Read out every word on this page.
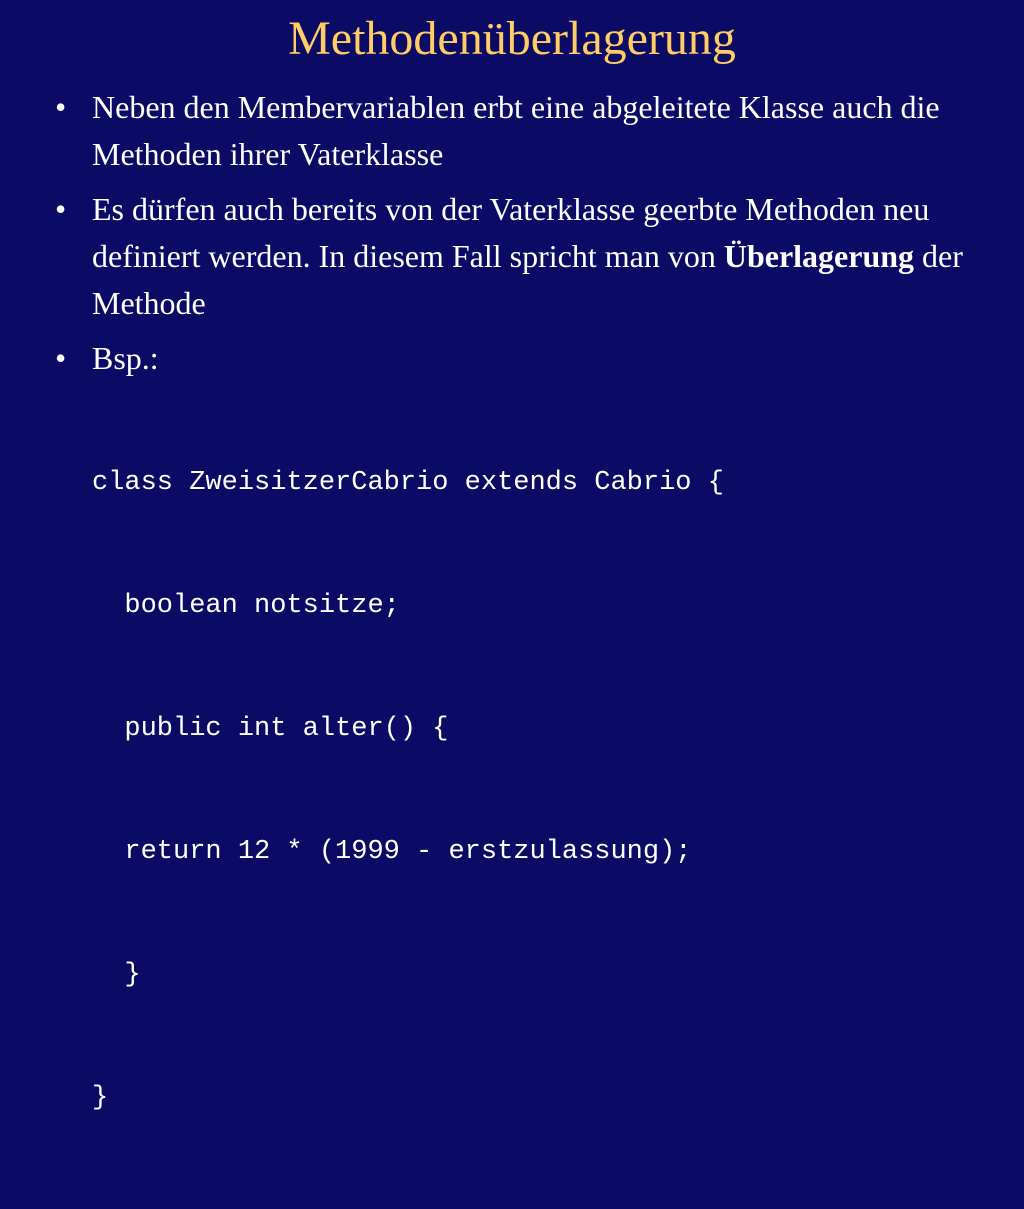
Methodenüberlagerung
• Neben den Membervariablen erbt eine abgeleitete Klasse auch die Methoden ihrer Vaterklasse
• Es dürfen auch bereits von der Vaterklasse geerbte Methoden neu definiert werden. In diesem Fall spricht man von Überlagerung der Methode
• Bsp.:

class ZweisitzerCabrio extends Cabrio {

boolean notsitze;

public int alter() {

return 12 * (1999 - erstzulassung);

}

}
